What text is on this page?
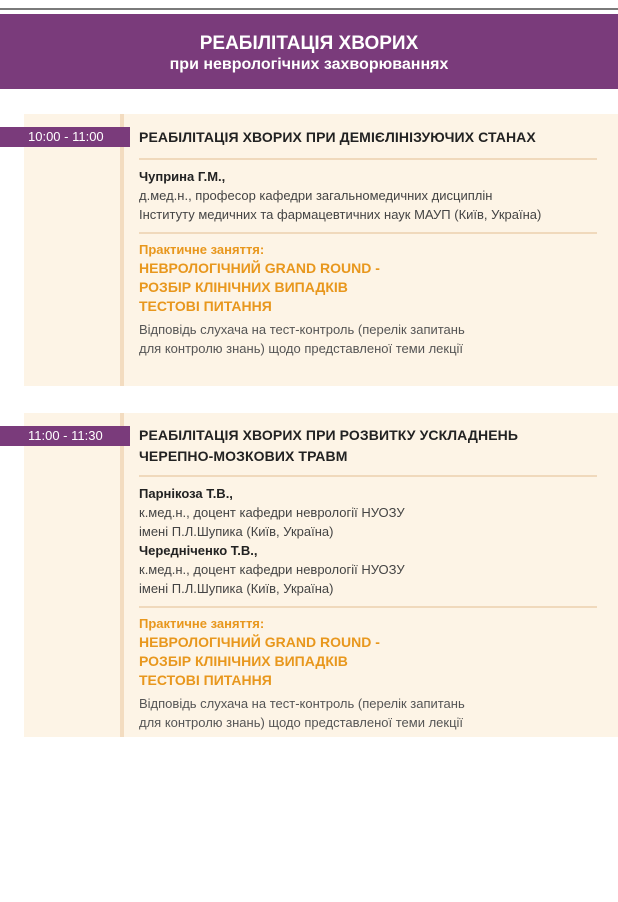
РЕАБІЛІТАЦІЯ ХВОРИХ
при неврологічних захворюваннях
10:00 - 11:00	РЕАБІЛІТАЦІЯ ХВОРИХ ПРИ ДЕМІЄЛІНІЗУЮЧИХ СТАНАХ
Чуприна Г.М.,
д.мед.н., професор кафедри загальномедичних дисциплін
Інституту медичних та фармацевтичних наук МАУП (Київ, Україна)
Практичне заняття:
НЕВРОЛОГІЧНИЙ GRAND ROUND -
РОЗБІР КЛІНІЧНИХ ВИПАДКІВ
ТЕСТОВІ ПИТАННЯ
Відповідь слухача на тест-контроль (перелік запитань
для контролю знань) щодо представленої теми лекції
11:00 - 11:30	РЕАБІЛІТАЦІЯ ХВОРИХ ПРИ РОЗВИТКУ УСКЛАДНЕНЬ
ЧЕРЕПНО-МОЗКОВИХ ТРАВМ
Парнікоза Т.В.,
к.мед.н., доцент кафедри неврології НУОЗУ
імені П.Л.Шупика (Київ, Україна)
Чередніченко Т.В.,
к.мед.н., доцент кафедри неврології НУОЗУ
імені П.Л.Шупика (Київ, Україна)
Практичне заняття:
НЕВРОЛОГІЧНИЙ GRAND ROUND -
РОЗБІР КЛІНІЧНИХ ВИПАДКІВ
ТЕСТОВІ ПИТАННЯ
Відповідь слухача на тест-контроль (перелік запитань
для контролю знань) щодо представленої теми лекції
